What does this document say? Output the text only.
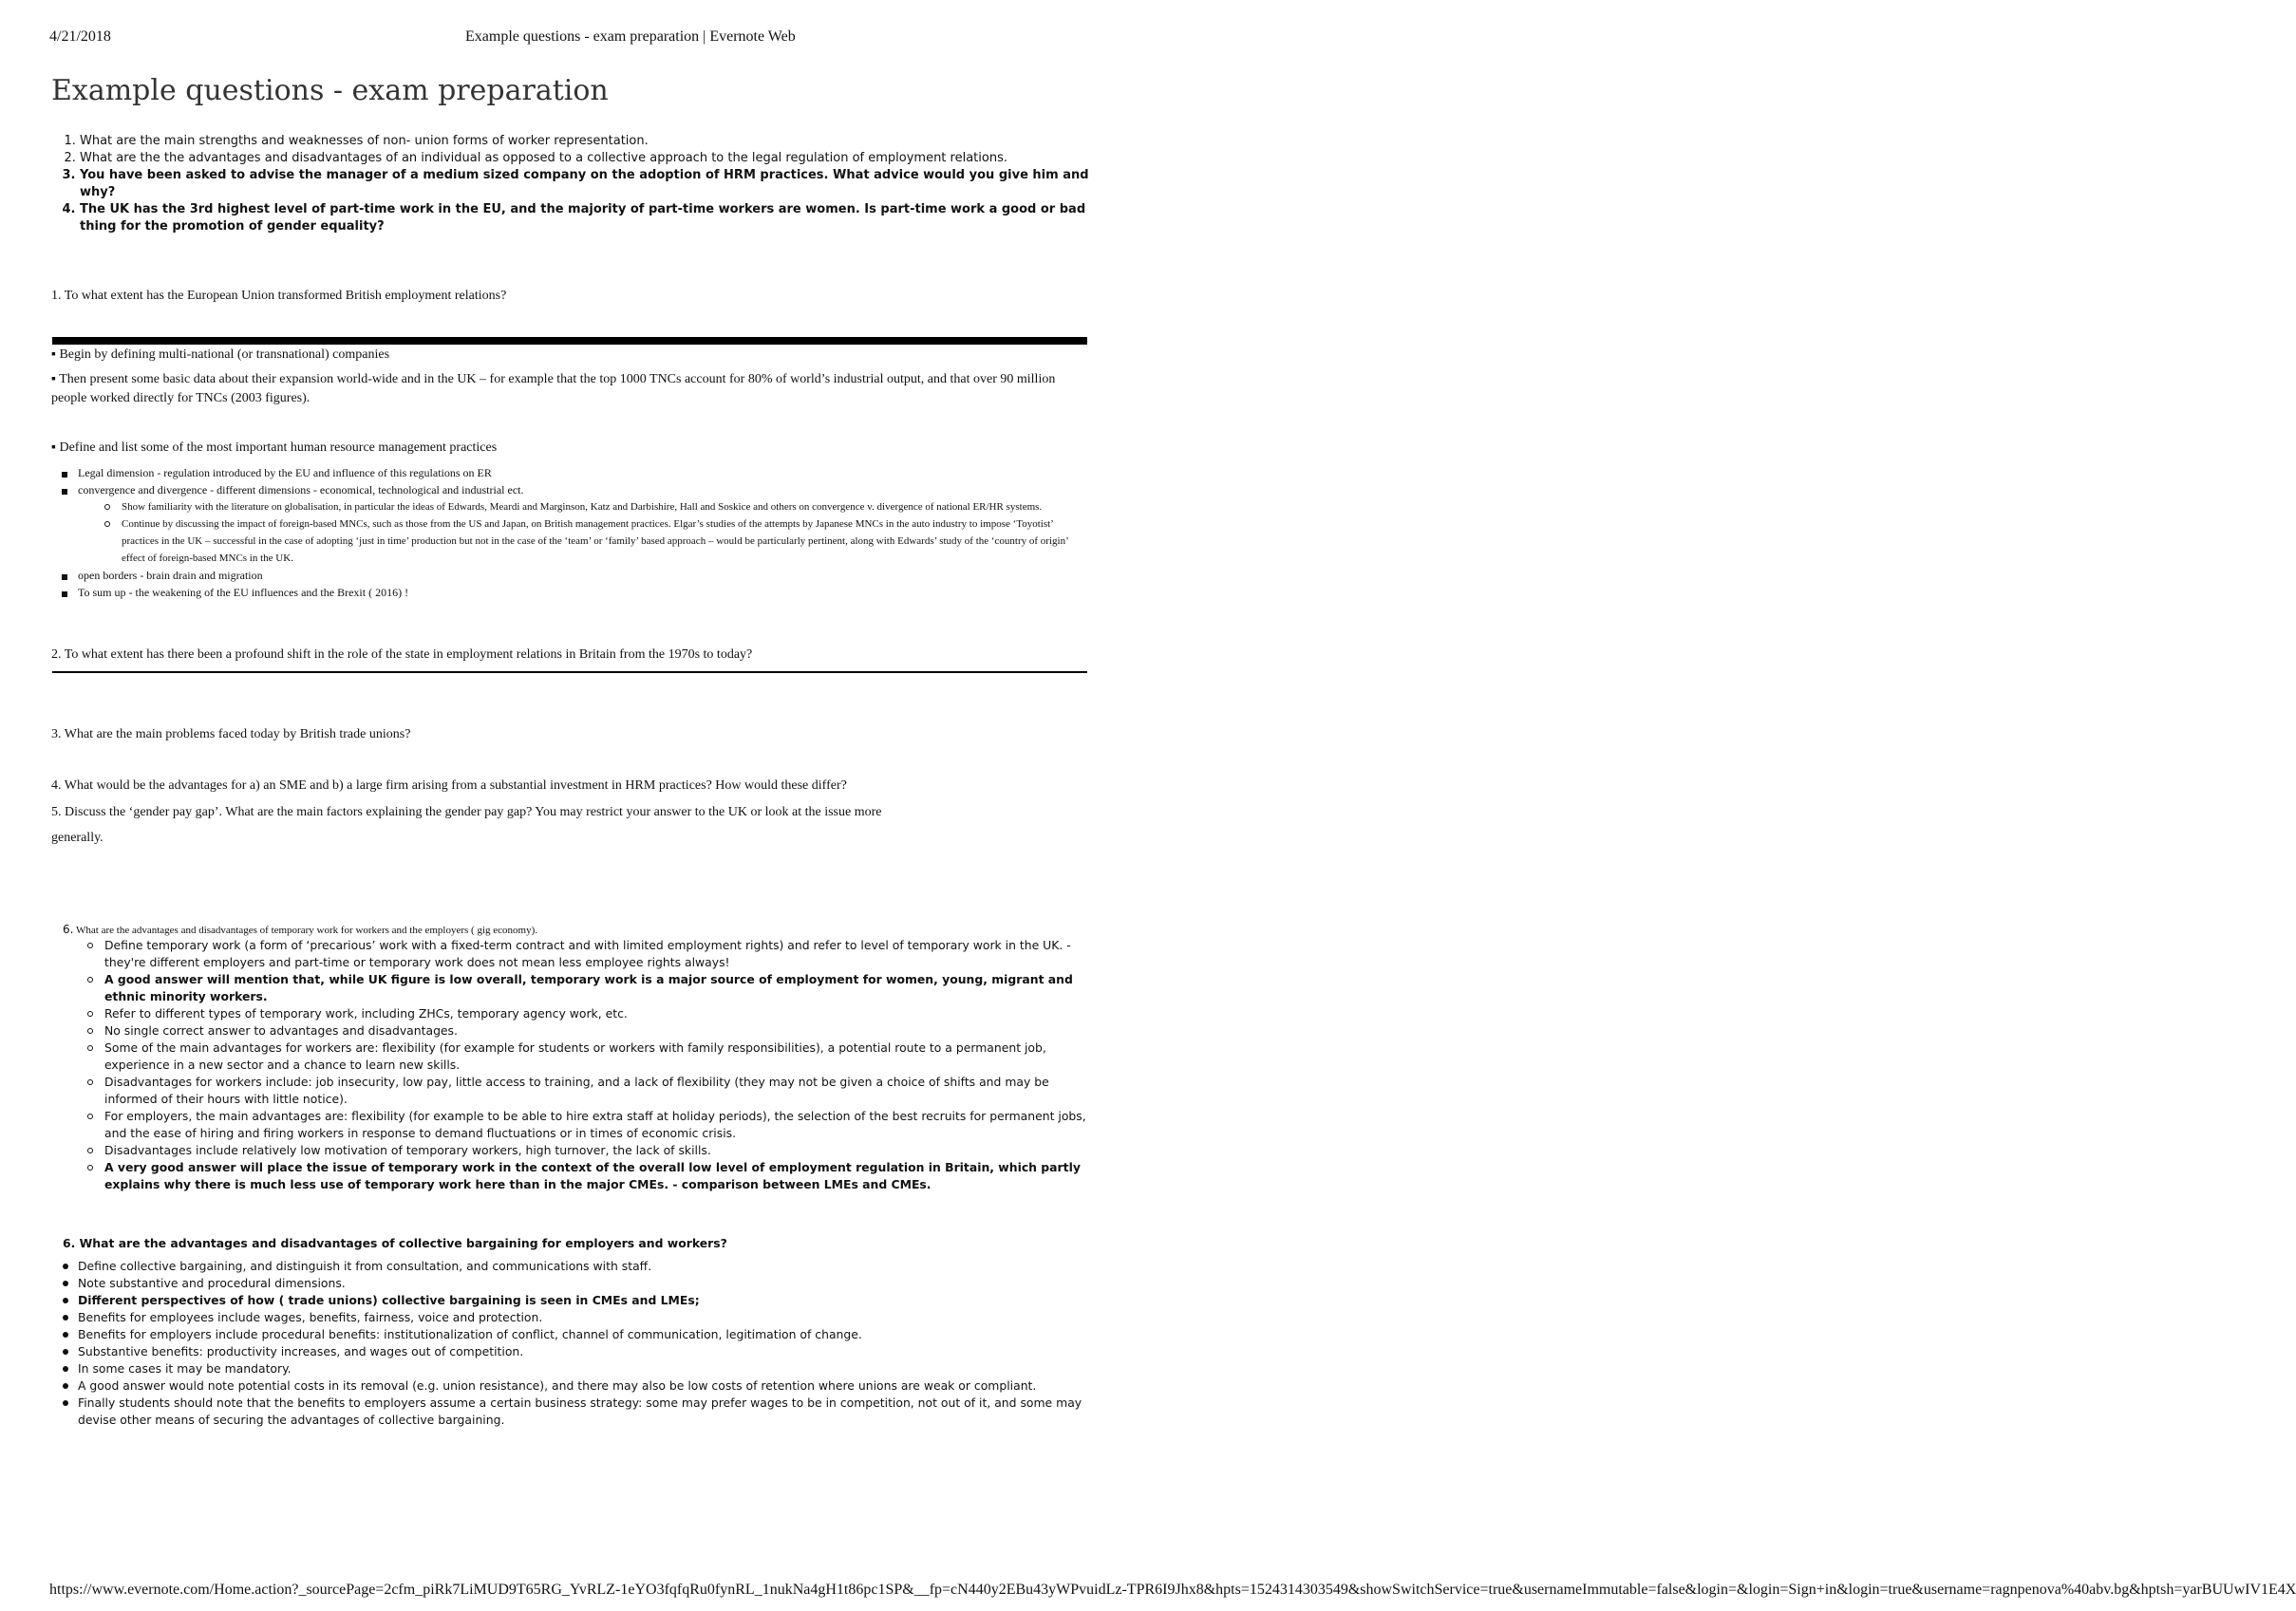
4/21/2018	Example questions - exam preparation | Evernote Web
Example questions - exam preparation
1. What are the main strengths and weaknesses of non- union forms of worker representation.
2. What are the the advantages and disadvantages of an individual as opposed to a collective approach to the legal regulation of employment relations.
3. You have been asked to advise the manager of a medium sized company on the adoption of HRM practices. What advice would you give him and why?
4. The UK has the 3rd highest level of part-time work in the EU, and the majority of part-time workers are women. Is part-time work a good or bad thing for the promotion of gender equality?
1. To what extent has the European Union transformed British employment relations?
▪ Begin by defining multi-national (or transnational) companies
▪ Then present some basic data about their expansion world-wide and in the UK – for example that the top 1000 TNCs account for 80% of world’s industrial output, and that over 90 million people worked directly for TNCs (2003 figures).
▪ Define and list some of the most important human resource management practices
Legal dimension - regulation introduced by the EU and influence of this regulations on ER
convergence and divergence - different dimensions - economical, technological and industrial ect.
Show familiarity with the literature on globalisation, in particular the ideas of Edwards, Meardi and Marginson, Katz and Darbishire, Hall and Soskice and others on convergence v. divergence of national ER/HR systems.
Continue by discussing the impact of foreign-based MNCs, such as those from the US and Japan, on British management practices. Elgar’s studies of the attempts by Japanese MNCs in the auto industry to impose ‘Toyotist’ practices in the UK – successful in the case of adopting ‘just in time’ production but not in the case of the ‘team’ or ‘family’ based approach – would be particularly pertinent, along with Edwards’ study of the ‘country of origin’ effect of foreign-based MNCs in the UK.
open borders - brain drain and migration
To sum up - the weakening of the EU influences and the Brexit ( 2016) !
2. To what extent has there been a profound shift in the role of the state in employment relations in Britain from the 1970s to today?
3. What are the main problems faced today by British trade unions?
4. What would be the advantages for a) an SME and b) a large firm arising from a substantial investment in HRM practices? How would these differ?
5. Discuss the ‘gender pay gap’. What are the main factors explaining the gender pay gap? You may restrict your answer to the UK or look at the issue more
generally.
6. What are the advantages and disadvantages of temporary work for workers and the employers ( gig economy).
Define temporary work (a form of ‘precarious’ work with a fixed-term contract and with limited employment rights) and refer to level of temporary work in the UK. - they're different employers and part-time or temporary work does not mean less employee rights always!
A good answer will mention that, while UK figure is low overall, temporary work is a major source of employment for women, young, migrant and ethnic minority workers.
Refer to different types of temporary work, including ZHCs, temporary agency work, etc.
No single correct answer to advantages and disadvantages.
Some of the main advantages for workers are: flexibility (for example for students or workers with family responsibilities), a potential route to a permanent job, experience in a new sector and a chance to learn new skills.
Disadvantages for workers include: job insecurity, low pay, little access to training, and a lack of flexibility (they may not be given a choice of shifts and may be informed of their hours with little notice).
For employers, the main advantages are: flexibility (for example to be able to hire extra staff at holiday periods), the selection of the best recruits for permanent jobs, and the ease of hiring and firing workers in response to demand fluctuations or in times of economic crisis.
Disadvantages include relatively low motivation of temporary workers, high turnover, the lack of skills.
A very good answer will place the issue of temporary work in the context of the overall low level of employment regulation in Britain, which partly explains why there is much less use of temporary work here than in the major CMEs. - comparison between LMEs and CMEs.
6. What are the advantages and disadvantages of collective bargaining for employers and workers?
Define collective bargaining, and distinguish it from consultation, and communications with staff.
Note substantive and procedural dimensions.
Different perspectives of how ( trade unions) collective bargaining is seen in CMEs and LMEs;
Benefits for employees include wages, benefits, fairness, voice and protection.
Benefits for employers include procedural benefits: institutionalization of conflict, channel of communication, legitimation of change.
Substantive benefits: productivity increases, and wages out of competition.
In some cases it may be mandatory.
A good answer would note potential costs in its removal (e.g. union resistance), and there may also be low costs of retention where unions are weak or compliant.
Finally students should note that the benefits to employers assume a certain business strategy: some may prefer wages to be in competition, not out of it, and some may devise other means of securing the advantages of collective bargaining.
https://www.evernote.com/Home.action?_sourcePage=2cfm_piRk7LiMUD9T65RG_YvRLZ-1eYO3fqfqRu0fynRL_1nukNa4gH1t86pc1SP&__fp=cN440y2EBu43yWPvuidLz-TPR6I9Jhx8&hpts=1524314303549&showSwitchService=true&usernameImmutable=false&login=&login=Sign+in&login=true&username=ragnpenova%40abv.bg&hptsh=yarBUUwIV1E4X
